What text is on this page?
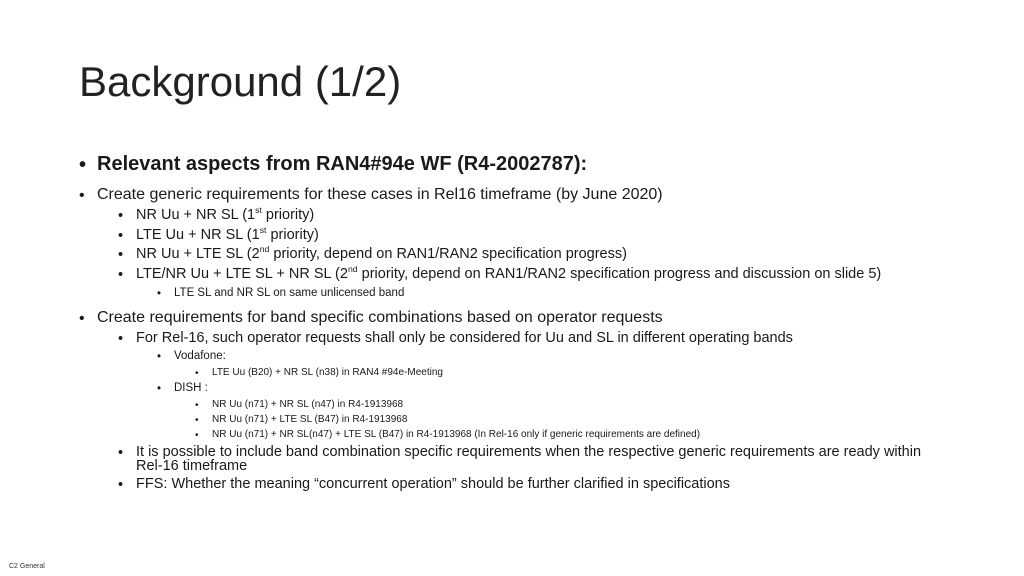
Background (1/2)
• Relevant aspects from RAN4#94e WF (R4-2002787):
• Create generic requirements for these cases in Rel16 timeframe (by June 2020)
• NR Uu + NR SL (1st priority)
• LTE Uu + NR SL (1st priority)
• NR Uu + LTE SL (2nd priority, depend on RAN1/RAN2 specification progress)
• LTE/NR Uu + LTE SL + NR SL (2nd priority, depend on RAN1/RAN2 specification progress and discussion on slide 5)
• LTE SL and NR SL on same unlicensed band
• Create requirements for band specific combinations based on operator requests
• For Rel-16, such operator requests shall only be considered for Uu and SL in different operating bands
• Vodafone:
• LTE Uu (B20) + NR SL (n38) in RAN4 #94e-Meeting
• DISH :
• NR Uu (n71) + NR SL (n47) in R4-1913968
• NR Uu (n71) + LTE SL (B47) in R4-1913968
• NR Uu (n71) + NR SL(n47) + LTE SL (B47) in R4-1913968 (In Rel-16 only if generic requirements are defined)
• It is possible to include band combination specific requirements when the respective generic requirements are ready within
Rel-16 timeframe
• FFS: Whether the meaning “concurrent operation” should be further clarified in specifications
C2 General
